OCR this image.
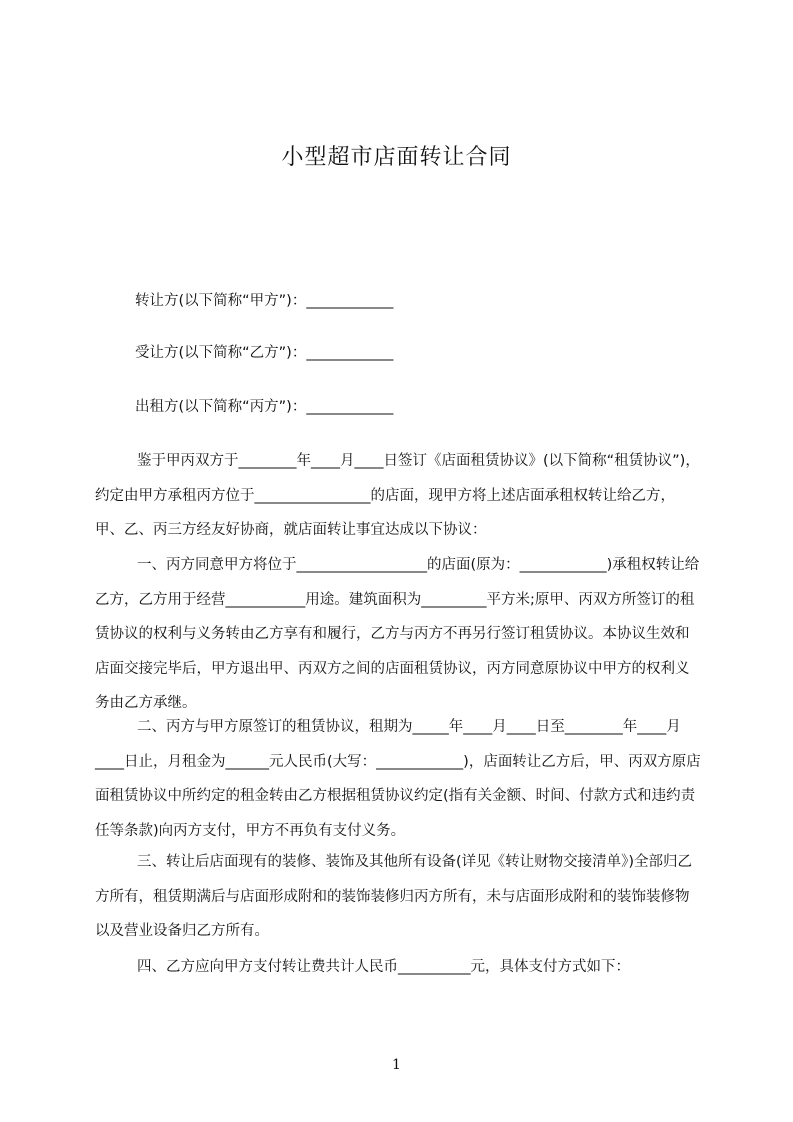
小型超市店面转让合同
转让方(以下简称“甲方”)：____________
受让方(以下简称“乙方”)：____________
出租方(以下简称“丙方”)：____________
鉴于甲丙双方于________年____月____日签订《店面租赁协议》(以下简称“租赁协议”)，约定由甲方承租丙方位于________________的店面，现甲方将上述店面承租权转让给乙方，甲、乙、丙三方经友好协商，就店面转让事宜达成以下协议：
一、丙方同意甲方将位于__________________的店面(原为：____________)承租权转让给乙方，乙方用于经营___________用途。建筑面积为_________平方米;原甲、丙双方所签订的租赁协议的权利与义务转由乙方享有和履行，乙方与丙方不再另行签订租赁协议。本协议生效和店面交接完毕后，甲方退出甲、丙双方之间的店面租赁协议，丙方同意原协议中甲方的权利义务由乙方承继。
二、丙方与甲方原签订的租赁协议，租期为_____年____月____日至________年____月____日止，月租金为______元人民币(大写：____________)，店面转让乙方后，甲、丙双方原店面租赁协议中所约定的租金转由乙方根据租赁协议约定(指有关金额、时间、付款方式和违约责任等条款)向丙方支付，甲方不再负有支付义务。
三、转让后店面现有的装修、装饰及其他所有设备(详见《转让财物交接清单》)全部归乙方所有，租赁期满后与店面形成附和的装饰装修归丙方所有，未与店面形成附和的装饰装修物以及营业设备归乙方所有。
四、乙方应向甲方支付转让费共计人民币__________元，具体支付方式如下：
1
